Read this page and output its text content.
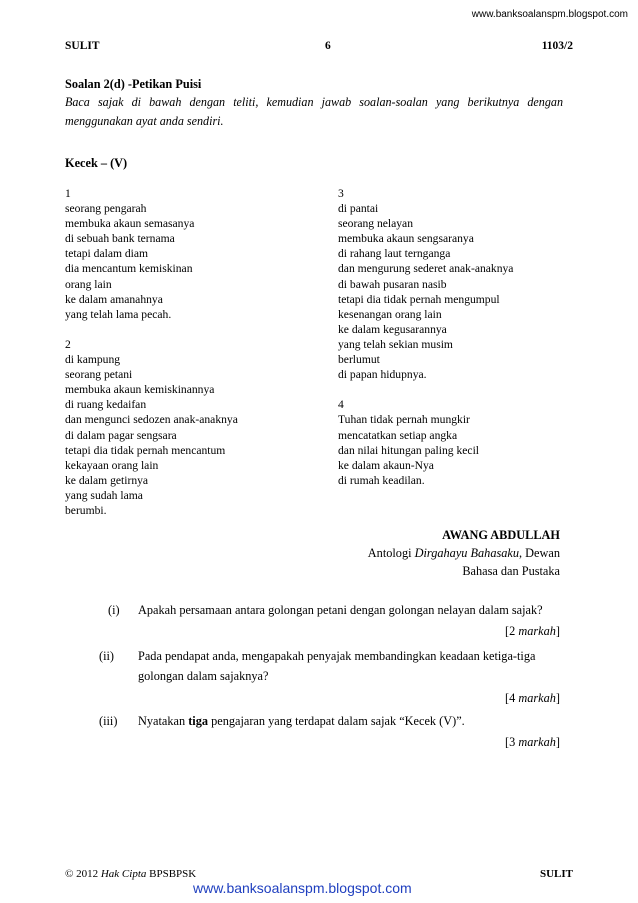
www.banksoalanspm.blogspot.com
SULIT	6	1103/2
Soalan 2(d) -Petikan Puisi
Baca sajak di bawah dengan teliti, kemudian jawab soalan-soalan yang berikutnya dengan
menggunakan ayat anda sendiri.
Kecek – (V)
1
seorang pengarah
membuka akaun semasanya
di sebuah bank ternama
tetapi dalam diam
dia mencantum kemiskinan
orang lain
ke dalam amanahnya
yang telah lama pecah.
2
di kampung
seorang petani
membuka akaun kemiskinannya
di ruang kedaifan
dan mengunci sedozen anak-anaknya
di dalam pagar sengsara
tetapi dia tidak pernah mencantum
kekayaan orang lain
ke dalam getirnya
yang sudah lama
berumbi.
3
di pantai
seorang nelayan
membuka akaun sengsaranya
di rahang laut ternganga
dan mengurung sederet anak-anaknya
di bawah pusaran nasib
tetapi dia tidak pernah mengumpul
kesenangan orang lain
ke dalam kegusarannya
yang telah sekian musim
berlumut
di papan hidupnya.
4
Tuhan tidak pernah mungkir
mencatatkan setiap angka
dan nilai hitungan paling kecil
ke dalam akaun-Nya
di rumah keadilan.
AWANG ABDULLAH
Antologi Dirgahayu Bahasaku, Dewan
Bahasa dan Pustaka
(i) Apakah persamaan antara golongan petani dengan golongan nelayan dalam sajak?
[2 markah]
(ii) Pada pendapat anda, mengapakah penyajak membandingkan keadaan ketiga-tiga
golongan dalam sajaknya?
[4 markah]
(iii) Nyatakan tiga pengajaran yang terdapat dalam sajak “Kecek (V)”.
[3 markah]
© 2012 Hak Cipta BPSBPSK	SULIT
www.banksoalanspm.blogspot.com
